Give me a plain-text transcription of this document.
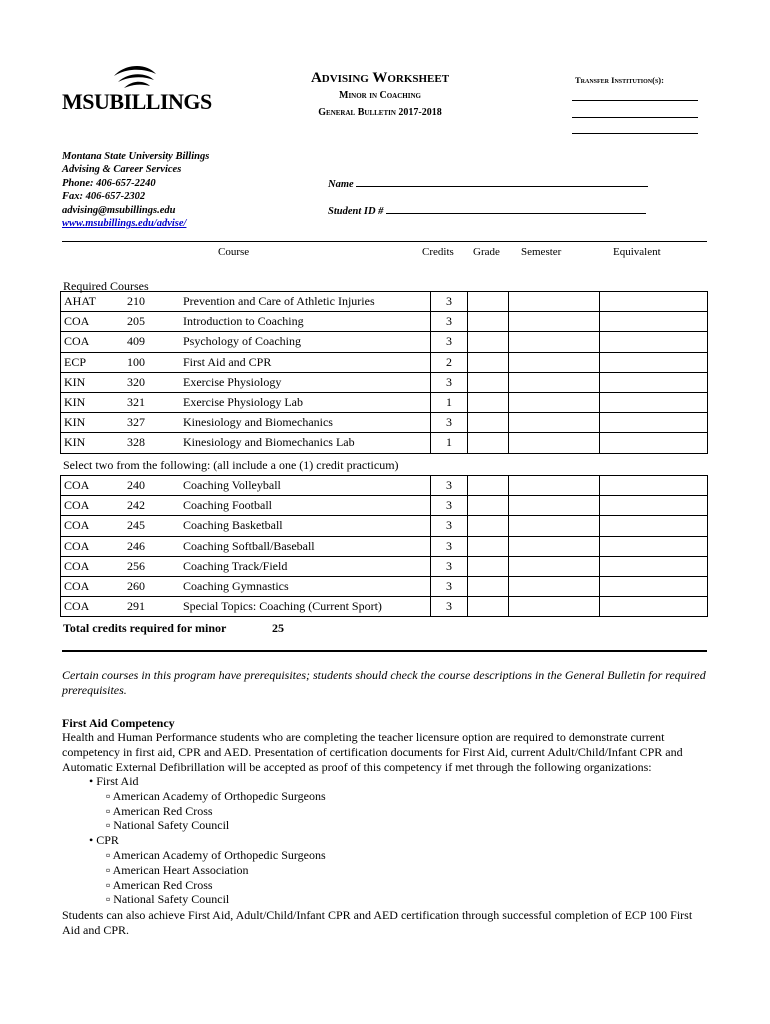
MSUBILLINGS
Advising Worksheet
Minor in Coaching
General Bulletin 2017-2018
Transfer Institution(s):
Montana State University Billings
Advising & Career Services
Phone: 406-657-2240
Fax: 406-657-2302
advising@msubillings.edu
www.msubillings.edu/advise/
Name
Student ID #
Course	Credits Grade Semester	Equivalent
Required Courses
AHAT	210	Prevention and Care of Athletic Injuries	3			
COA	205	Introduction to Coaching	3			
COA	409	Psychology of Coaching	3			
ECP	100	First Aid and CPR	2			
KIN	320	Exercise Physiology	3			
KIN	321	Exercise Physiology Lab	1			
KIN	327	Kinesiology and Biomechanics	3			
KIN	328	Kinesiology and Biomechanics Lab	1			
Select two from the following: (all include a one (1) credit practicum)
COA	240	Coaching Volleyball	3			
COA	242	Coaching Football	3			
COA	245	Coaching Basketball	3			
COA	246	Coaching Softball/Baseball	3			
COA	256	Coaching Track/Field	3			
COA	260	Coaching Gymnastics	3			
COA	291	Special Topics: Coaching (Current Sport)	3			
Total credits required for minor	25
Certain courses in this program have prerequisites; students should check the course descriptions in the General Bulletin for required prerequisites.
First Aid Competency
Health and Human Performance students who are completing the teacher licensure option are required to demonstrate current competency in first aid, CPR and AED. Presentation of certification documents for First Aid, current Adult/Child/Infant CPR and Automatic External Defibrillation will be accepted as proof of this competency if met through the following organizations:
• First Aid
▫ American Academy of Orthopedic Surgeons
▫ American Red Cross
▫ National Safety Council
• CPR
▫ American Academy of Orthopedic Surgeons
▫ American Heart Association
▫ American Red Cross
▫ National Safety Council
Students can also achieve First Aid, Adult/Child/Infant CPR and AED certification through successful completion of ECP 100 First Aid and CPR.
